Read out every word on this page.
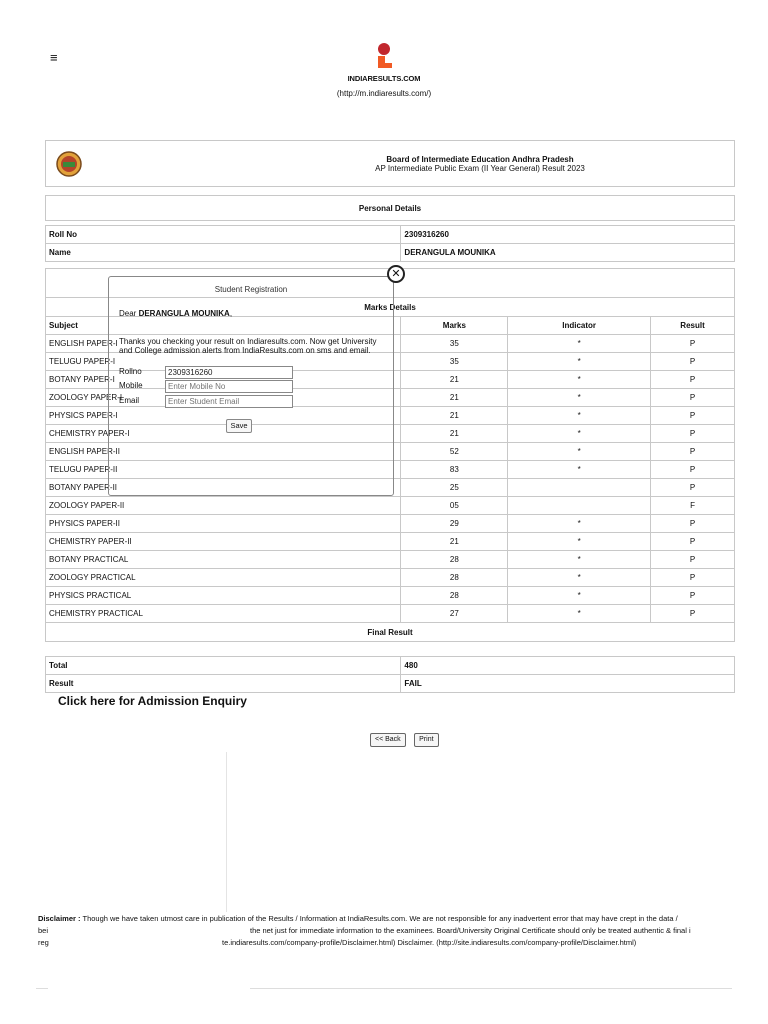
≡
INDIARESULTS.COM
(http://m.indiaresults.com/)
Board of Intermediate Education Andhra Pradesh
AP Intermediate Public Exam (II Year General) Result 2023			

Personal Details			

Roll No	2309316260		
Name	DERANGULA MOUNIKA		

Marks Details			
Subject	Marks	Indicator	Result
ENGLISH PAPER-I	35	*	P
TELUGU PAPER-I	35	*	P
BOTANY PAPER-I	21	*	P
ZOOLOGY PAPER-I	21	*	P
PHYSICS PAPER-I	21	*	P
CHEMISTRY PAPER-I	21	*	P
ENGLISH PAPER-II	52	*	P
TELUGU PAPER-II	83	*	P
BOTANY PAPER-II	25		P
ZOOLOGY PAPER-II	05		F
PHYSICS PAPER-II	29	*	P
CHEMISTRY PAPER-II	21	*	P
BOTANY PRACTICAL	28	*	P
ZOOLOGY PRACTICAL	28	*	P
PHYSICS PRACTICAL	28	*	P
CHEMISTRY PRACTICAL	27	*	P
Final Result			

Total	480		
Result	FAIL		
✕
Student Registration
Dear DERANGULA MOUNIKA,
Thanks you checking your result on Indiaresults.com. Now get University and College admission alerts from IndiaResults.com on sms and email.
Rollno
2309316260
Mobile
Enter Mobile No
Email
Enter Student Email
Save
Click here for Admission Enquiry
<< Back	Print
Disclaimer : Though we have taken utmost care in publication of the Results / Information at IndiaResults.com. We are not responsible for any inadvertent error that may have crept in the data /
bei	the net just for immediate information to the examinees. Board/University Original Certificate should only be treated authentic & final i
reg	te.indiaresults.com/company-profile/Disclaimer.html) Disclaimer. (http://site.indiaresults.com/company-profile/Disclaimer.html)
